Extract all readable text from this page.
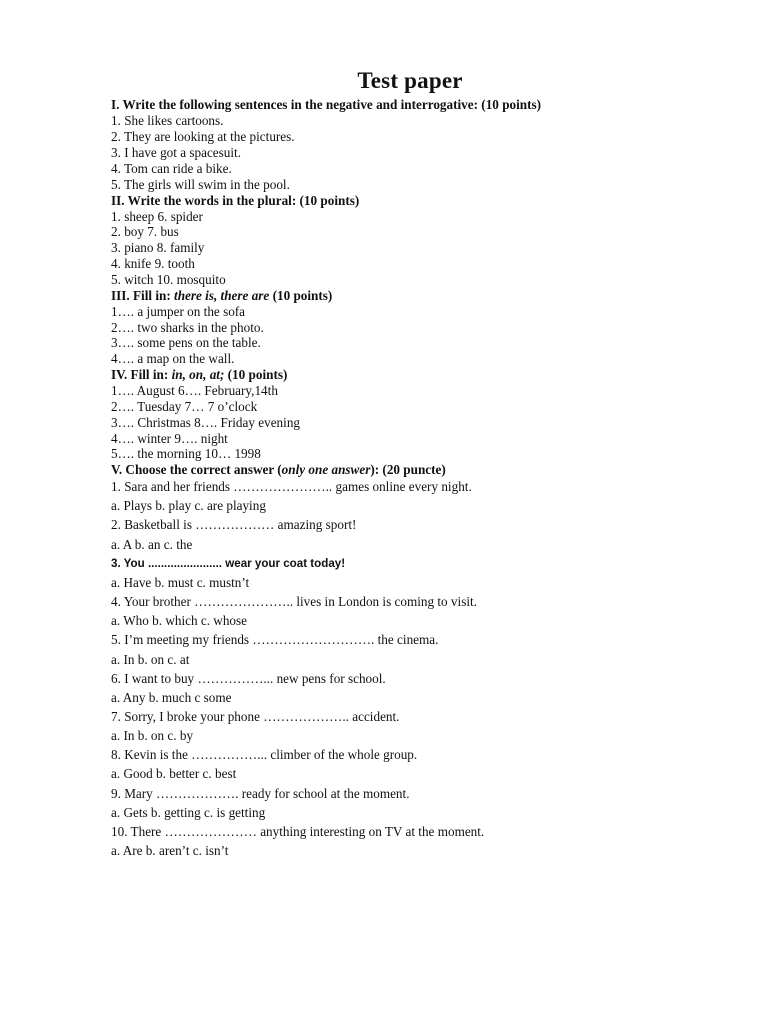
Test paper
I. Write the following sentences in the negative and interrogative: (10 points)
1. She likes cartoons.
2. They are looking at the pictures.
3. I have got a spacesuit.
4. Tom can ride a bike.
5. The girls will swim in the pool.
II. Write the words in the plural: (10 points)
1. sheep 6. spider
2. boy 7. bus
3. piano 8. family
4. knife 9. tooth
5. witch 10. mosquito
III. Fill in: there is, there are (10 points)
1…. a jumper on the sofa
2…. two sharks in the photo.
3…. some pens on the table.
4…. a map on the wall.
IV. Fill in: in, on, at; (10 points)
1…. August 6…. February,14th
2…. Tuesday 7… 7 o’clock
3…. Christmas 8…. Friday evening
4…. winter 9…. night
5…. the morning 10… 1998
V. Choose the correct answer (only one answer): (20 puncte)
1. Sara and her friends ………………….. games online every night.
a. Plays b. play c. are playing
2. Basketball is ……………… amazing sport!
a. A b. an c. the
3. You ....................... wear your coat today!
a. Have b. must c. mustn’t
4. Your brother ………………….. lives in London is coming to visit.
a. Who b. which c. whose
5. I’m meeting my friends ………………………. the cinema.
a. In b. on c. at
6. I want to buy ……………... new pens for school.
a. Any b. much c some
7. Sorry, I broke your phone ……………….. accident.
a. In b. on c. by
8. Kevin is the ……………... climber of the whole group.
a. Good b. better c. best
9. Mary ………………. ready for school at the moment.
a. Gets b. getting c. is getting
10. There ………………… anything interesting on TV at the moment.
a. Are b. aren’t c. isn’t
